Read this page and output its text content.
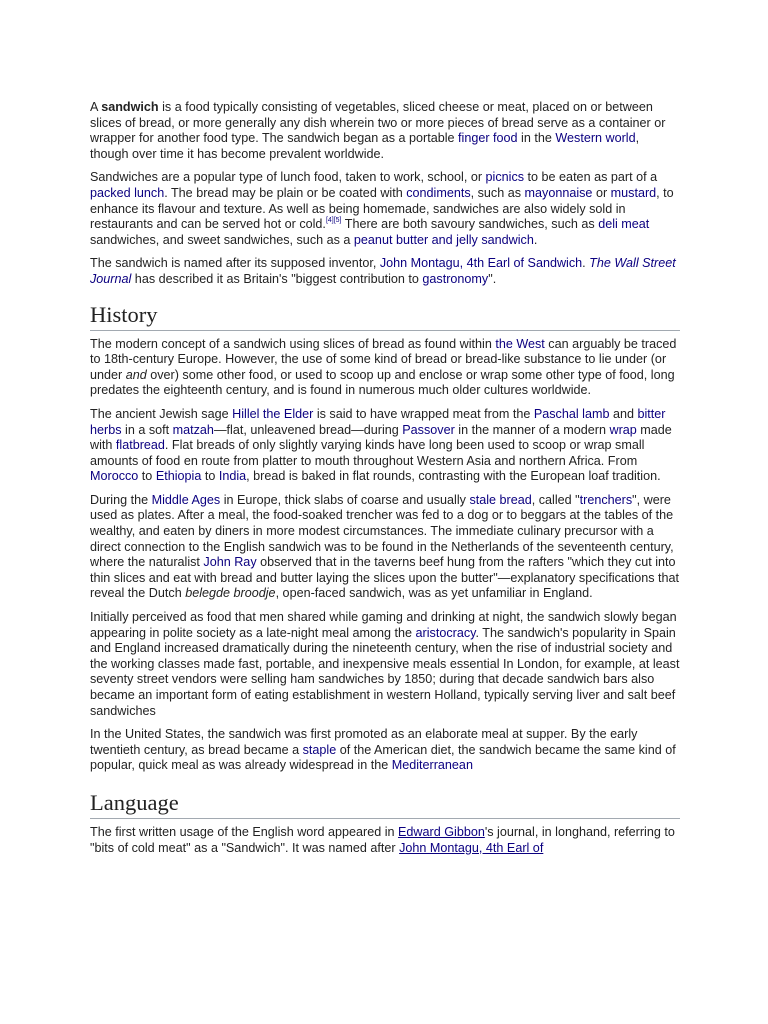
A sandwich is a food typically consisting of vegetables, sliced cheese or meat, placed on or between slices of bread, or more generally any dish wherein two or more pieces of bread serve as a container or wrapper for another food type. The sandwich began as a portable finger food in the Western world, though over time it has become prevalent worldwide.

Sandwiches are a popular type of lunch food, taken to work, school, or picnics to be eaten as part of a packed lunch. The bread may be plain or be coated with condiments, such as mayonnaise or mustard, to enhance its flavour and texture. As well as being homemade, sandwiches are also widely sold in restaurants and can be served hot or cold.[4][5] There are both savoury sandwiches, such as deli meat sandwiches, and sweet sandwiches, such as a peanut butter and jelly sandwich.

The sandwich is named after its supposed inventor, John Montagu, 4th Earl of Sandwich. The Wall Street Journal has described it as Britain's "biggest contribution to gastronomy".

History

The modern concept of a sandwich using slices of bread as found within the West can arguably be traced to 18th-century Europe. However, the use of some kind of bread or bread-like substance to lie under (or under and over) some other food, or used to scoop up and enclose or wrap some other type of food, long predates the eighteenth century, and is found in numerous much older cultures worldwide.

The ancient Jewish sage Hillel the Elder is said to have wrapped meat from the Paschal lamb and bitter herbs in a soft matzah—flat, unleavened bread—during Passover in the manner of a modern wrap made with flatbread. Flat breads of only slightly varying kinds have long been used to scoop or wrap small amounts of food en route from platter to mouth throughout Western Asia and northern Africa. From Morocco to Ethiopia to India, bread is baked in flat rounds, contrasting with the European loaf tradition.

During the Middle Ages in Europe, thick slabs of coarse and usually stale bread, called "trenchers", were used as plates. After a meal, the food-soaked trencher was fed to a dog or to beggars at the tables of the wealthy, and eaten by diners in more modest circumstances. The immediate culinary precursor with a direct connection to the English sandwich was to be found in the Netherlands of the seventeenth century, where the naturalist John Ray observed that in the taverns beef hung from the rafters "which they cut into thin slices and eat with bread and butter laying the slices upon the butter"—explanatory specifications that reveal the Dutch belegde broodje, open-faced sandwich, was as yet unfamiliar in England.

Initially perceived as food that men shared while gaming and drinking at night, the sandwich slowly began appearing in polite society as a late-night meal among the aristocracy. The sandwich's popularity in Spain and England increased dramatically during the nineteenth century, when the rise of industrial society and the working classes made fast, portable, and inexpensive meals essential In London, for example, at least seventy street vendors were selling ham sandwiches by 1850; during that decade sandwich bars also became an important form of eating establishment in western Holland, typically serving liver and salt beef sandwiches

In the United States, the sandwich was first promoted as an elaborate meal at supper. By the early twentieth century, as bread became a staple of the American diet, the sandwich became the same kind of popular, quick meal as was already widespread in the Mediterranean

Language

The first written usage of the English word appeared in Edward Gibbon's journal, in longhand, referring to "bits of cold meat" as a "Sandwich". It was named after John Montagu, 4th Earl of
